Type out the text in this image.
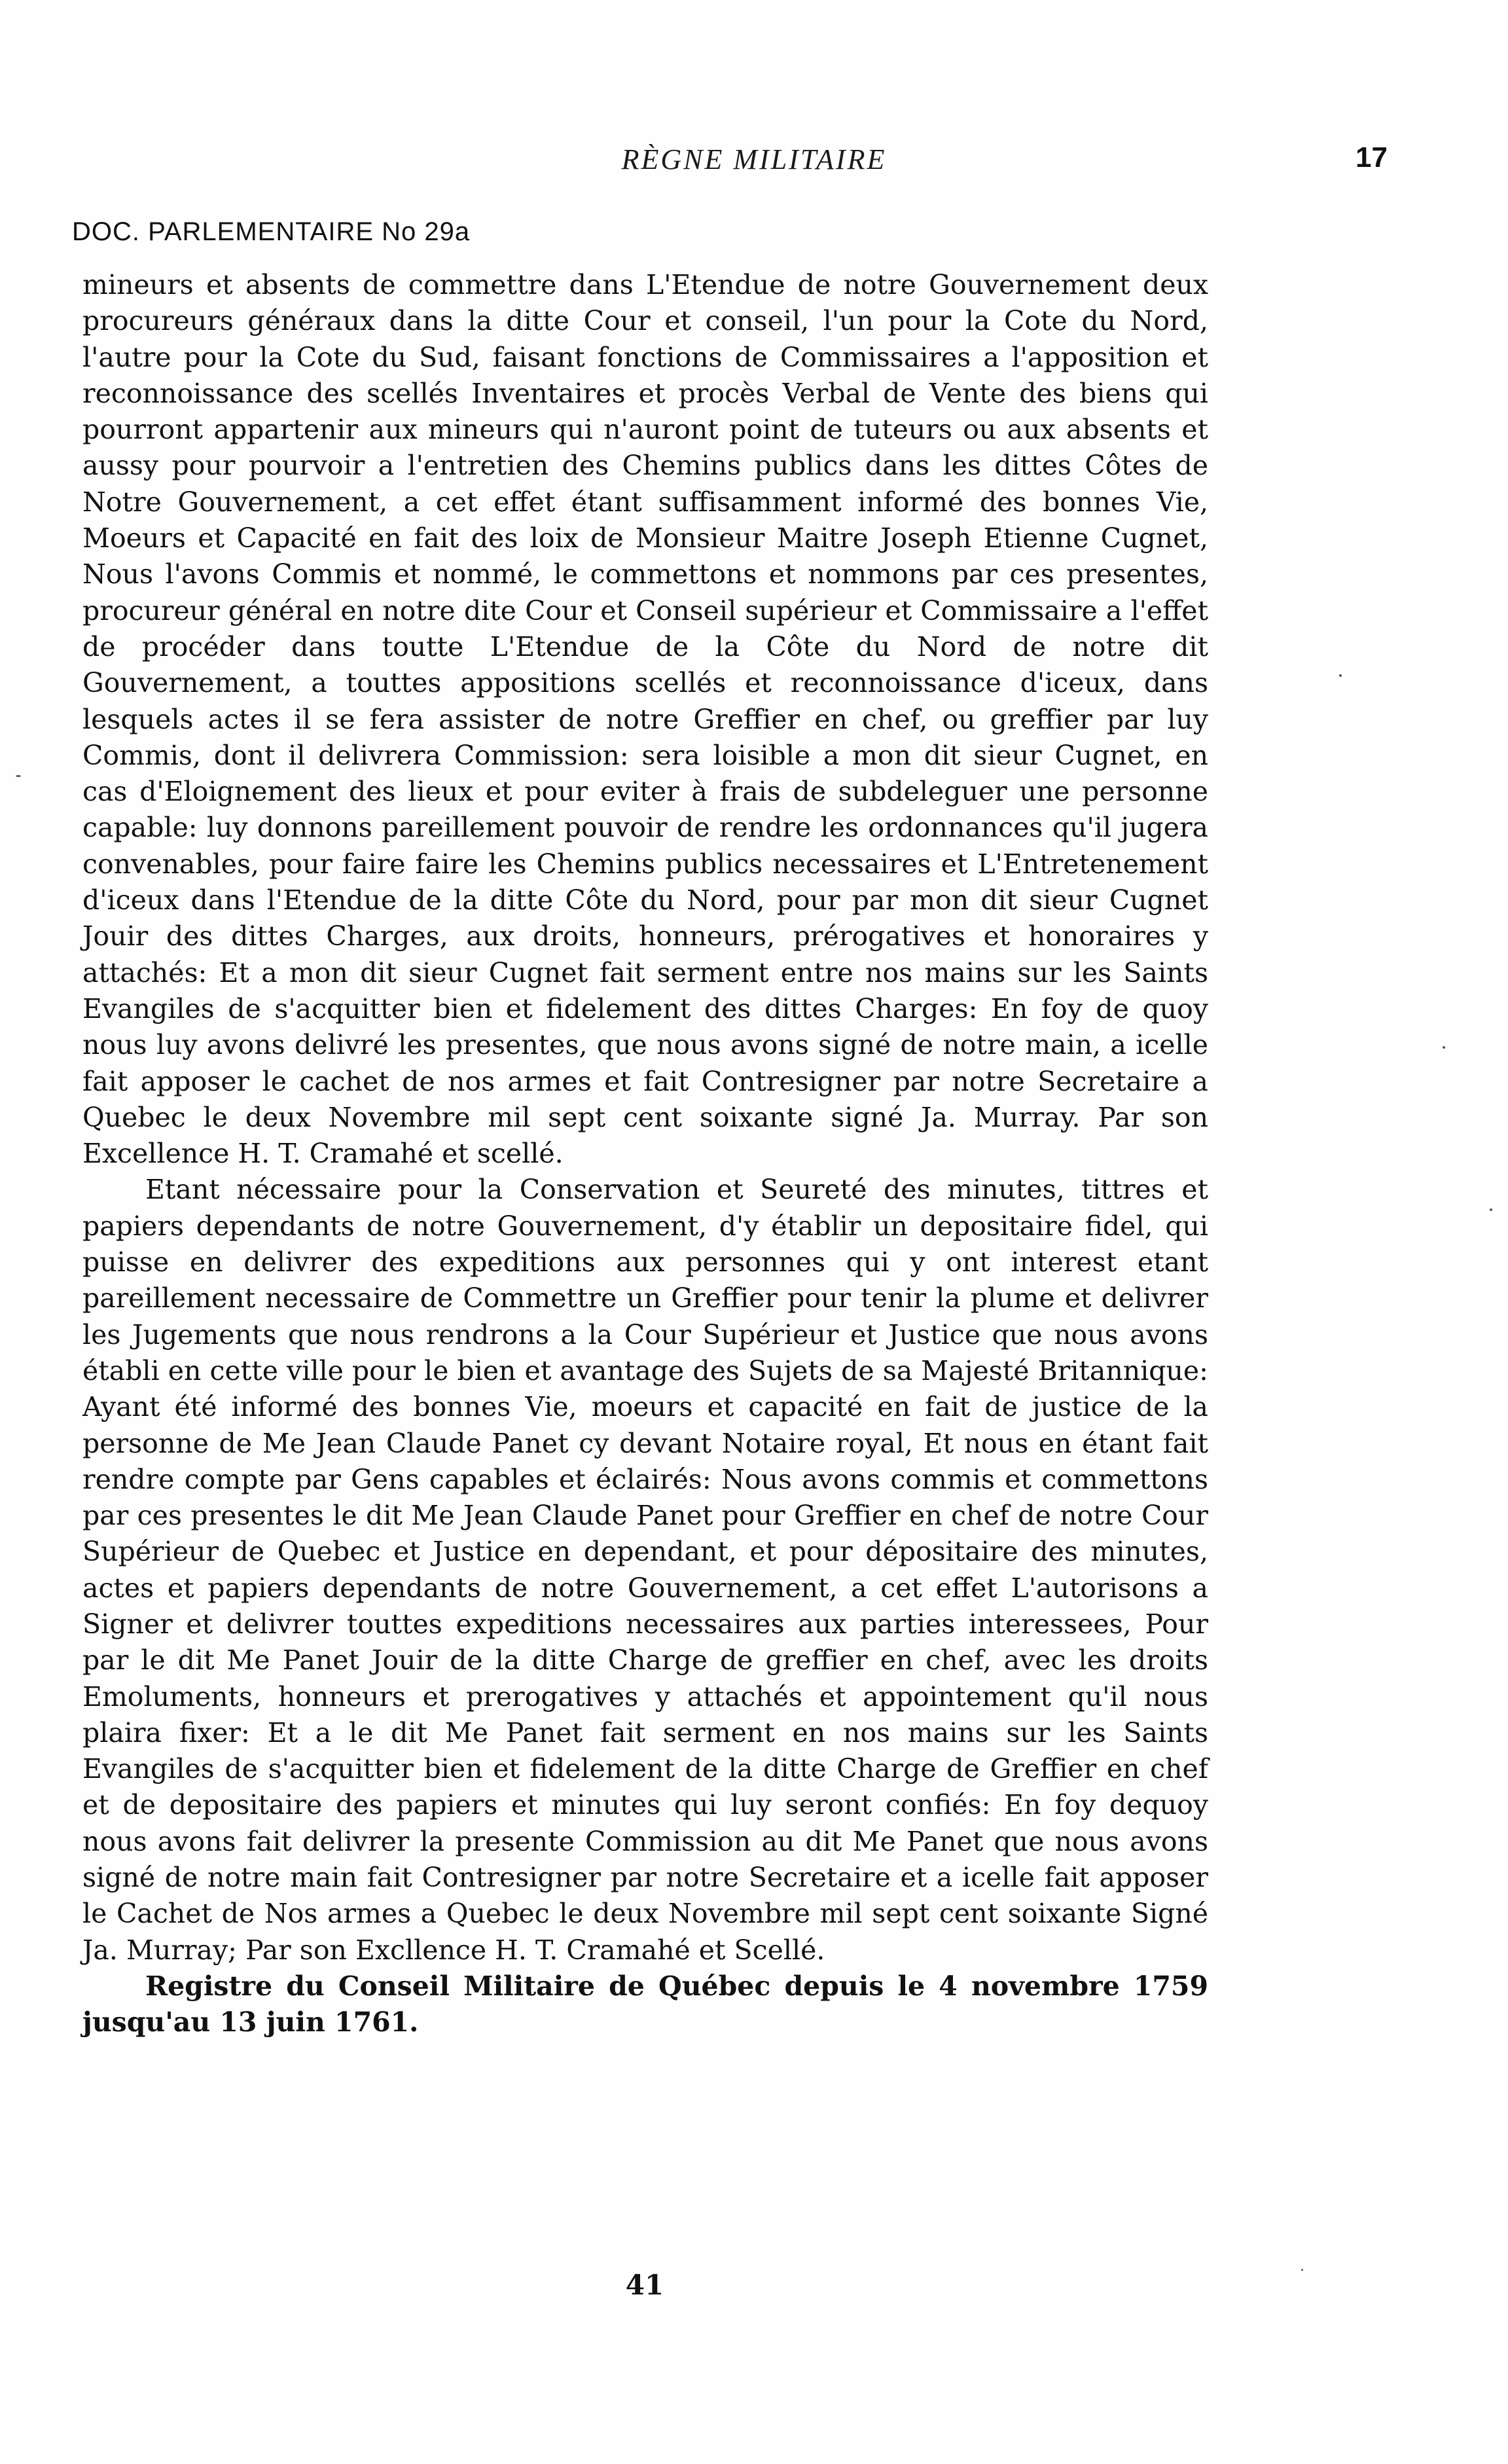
RÈGNE MILITAIRE	17
DOC. PARLEMENTAIRE No 29a

mineurs et absents de commettre dans L'Etendue de notre Gouvernement deux procureurs généraux dans la ditte Cour et conseil, l'un pour la Cote du Nord, l'autre pour la Cote du Sud, faisant fonctions de Commissaires a l'apposition et reconnoissance des scellés Inventaires et procès Verbal de Vente des biens qui pourront appartenir aux mineurs qui n'auront point de tuteurs ou aux absents et aussy pour pourvoir a l'entretien des Chemins publics dans les dittes Côtes de Notre Gouvernement, a cet effet étant suffisamment informé des bonnes Vie, Moeurs et Capacité en fait des loix de Monsieur Maitre Joseph Etienne Cugnet, Nous l'avons Commis et nommé, le commettons et nommons par ces presentes, procureur général en notre dite Cour et Conseil supérieur et Commissaire a l'effet de procéder dans toutte L'Etendue de la Côte du Nord de notre dit Gouvernement, a touttes appositions scellés et reconnoissance d'iceux, dans lesquels actes il se fera assister de notre Greffier en chef, ou greffier par luy Commis, dont il delivrera Commission: sera loisible a mon dit sieur Cugnet, en cas d'Eloignement des lieux et pour eviter à frais de subdeleguer une personne capable: luy donnons pareillement pouvoir de rendre les ordonnances qu'il jugera convenables, pour faire faire les Chemins publics necessaires et L'Entretenement d'iceux dans l'Etendue de la ditte Côte du Nord, pour par mon dit sieur Cugnet Jouir des dittes Charges, aux droits, honneurs, prérogatives et honoraires y attachés: Et a mon dit sieur Cugnet fait serment entre nos mains sur les Saints Evangiles de s'acquitter bien et fidelement des dittes Charges: En foy de quoy nous luy avons delivré les presentes, que nous avons signé de notre main, a icelle fait apposer le cachet de nos armes et fait Contresigner par notre Secretaire a Quebec le deux Novembre mil sept cent soixante signé Ja. Murray. Par son Excellence H. T. Cramahé et scellé.

Etant nécessaire pour la Conservation et Seureté des minutes, tittres et papiers dependants de notre Gouvernement, d'y établir un depositaire fidel, qui puisse en delivrer des expeditions aux personnes qui y ont interest etant pareillement necessaire de Commettre un Greffier pour tenir la plume et delivrer les Jugements que nous rendrons a la Cour Supérieur et Justice que nous avons établi en cette ville pour le bien et avantage des Sujets de sa Majesté Britannique: Ayant été informé des bonnes Vie, moeurs et capacité en fait de justice de la personne de Me Jean Claude Panet cy devant Notaire royal, Et nous en étant fait rendre compte par Gens capables et éclairés: Nous avons commis et commettons par ces presentes le dit Me Jean Claude Panet pour Greffier en chef de notre Cour Supérieur de Quebec et Justice en dependant, et pour dépositaire des minutes, actes et papiers dependants de notre Gouvernement, a cet effet L'autorisons a Signer et delivrer touttes expeditions necessaires aux parties interessees, Pour par le dit Me Panet Jouir de la ditte Charge de greffier en chef, avec les droits Emoluments, honneurs et prerogatives y attachés et appointement qu'il nous plaira fixer: Et a le dit Me Panet fait serment en nos mains sur les Saints Evangiles de s'acquitter bien et fidelement de la ditte Charge de Greffier en chef et de depositaire des papiers et minutes qui luy seront confiés: En foy dequoy nous avons fait delivrer la presente Commission au dit Me Panet que nous avons signé de notre main fait Contresigner par notre Secretaire et a icelle fait apposer le Cachet de Nos armes a Quebec le deux Novembre mil sept cent soixante Signé Ja. Murray; Par son Excllence H. T. Cramahé et Scellé.

Registre du Conseil Militaire de Québec depuis le 4 novembre 1759 jusqu'au 13 juin 1761.

41
